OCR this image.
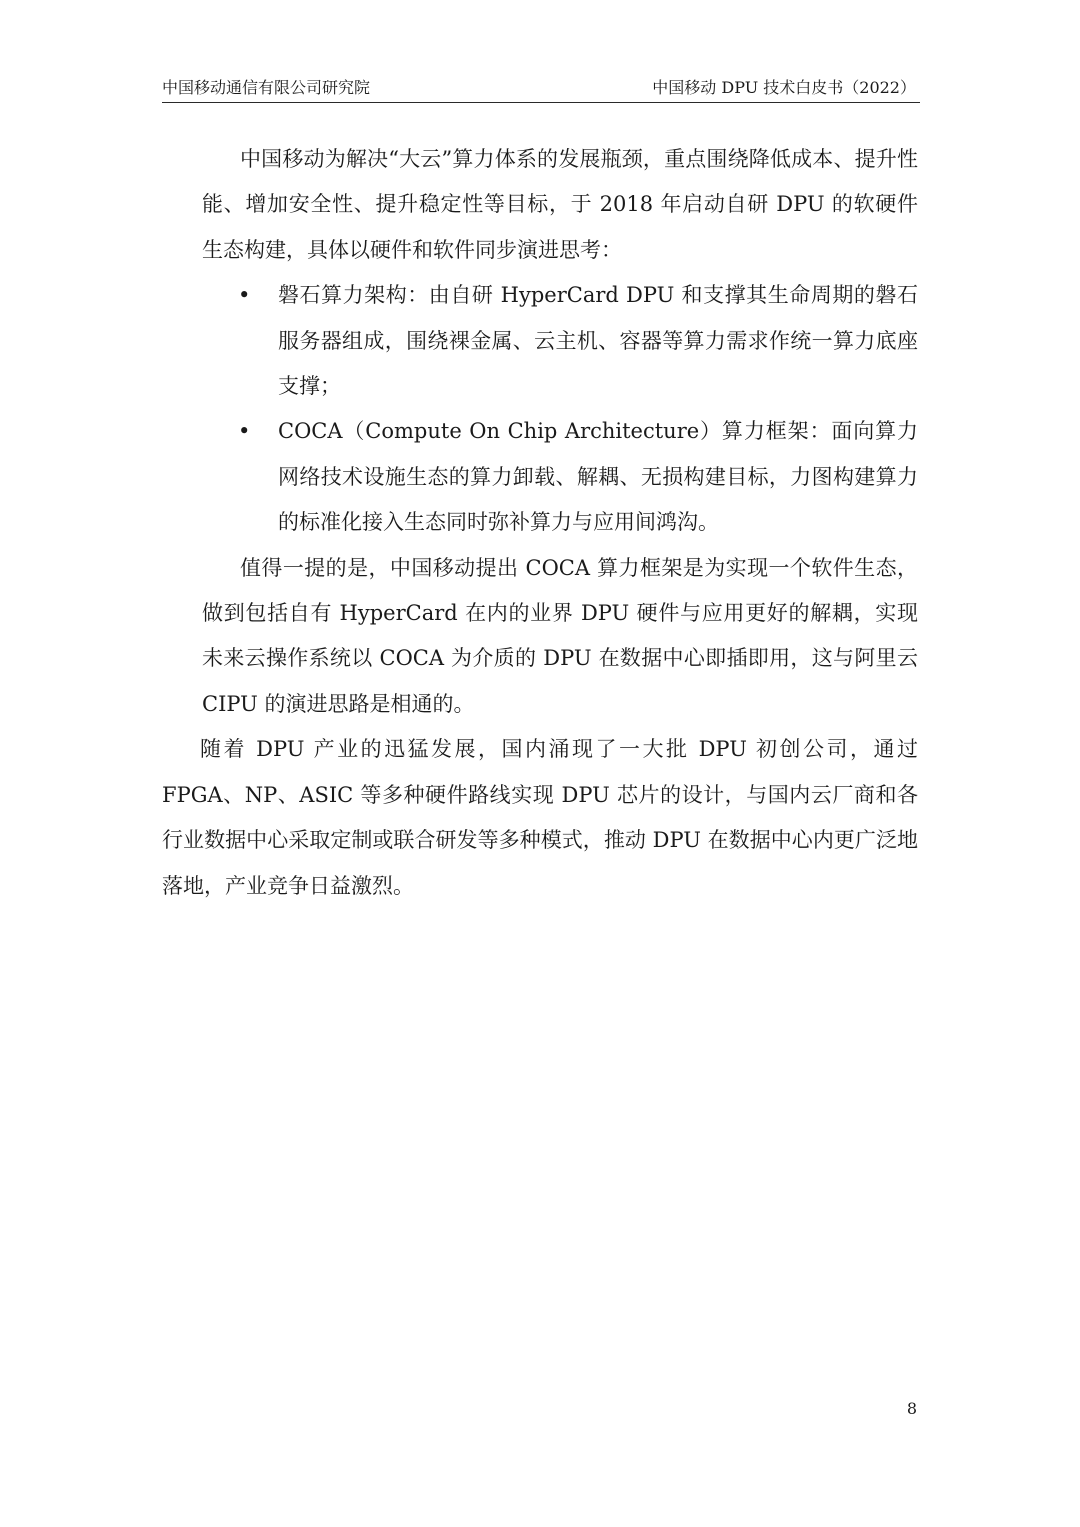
中国移动通信有限公司研究院	中国移动 DPU 技术白皮书（2022）

中国移动为解决“大云”算力体系的发展瓶颈，重点围绕降低成本、提升性能、增加安全性、提升稳定性等目标，于 2018 年启动自研 DPU 的软硬件生态构建，具体以硬件和软件同步演进思考：

• 磐石算力架构：由自研 HyperCard DPU 和支撑其生命周期的磐石服务器组成，围绕裸金属、云主机、容器等算力需求作统一算力底座支撑；

• COCA（Compute On Chip Architecture）算力框架：面向算力网络技术设施生态的算力卸载、解耦、无损构建目标，力图构建算力的标准化接入生态同时弥补算力与应用间鸿沟。

值得一提的是，中国移动提出 COCA 算力框架是为实现一个软件生态，做到包括自有 HyperCard 在内的业界 DPU 硬件与应用更好的解耦，实现未来云操作系统以 COCA 为介质的 DPU 在数据中心即插即用，这与阿里云 CIPU 的演进思路是相通的。

随着 DPU 产业的迅猛发展，国内涌现了一大批 DPU 初创公司，通过 FPGA、NP、ASIC 等多种硬件路线实现 DPU 芯片的设计，与国内云厂商和各行业数据中心采取定制或联合研发等多种模式，推动 DPU 在数据中心内更广泛地落地，产业竞争日益激烈。

8
